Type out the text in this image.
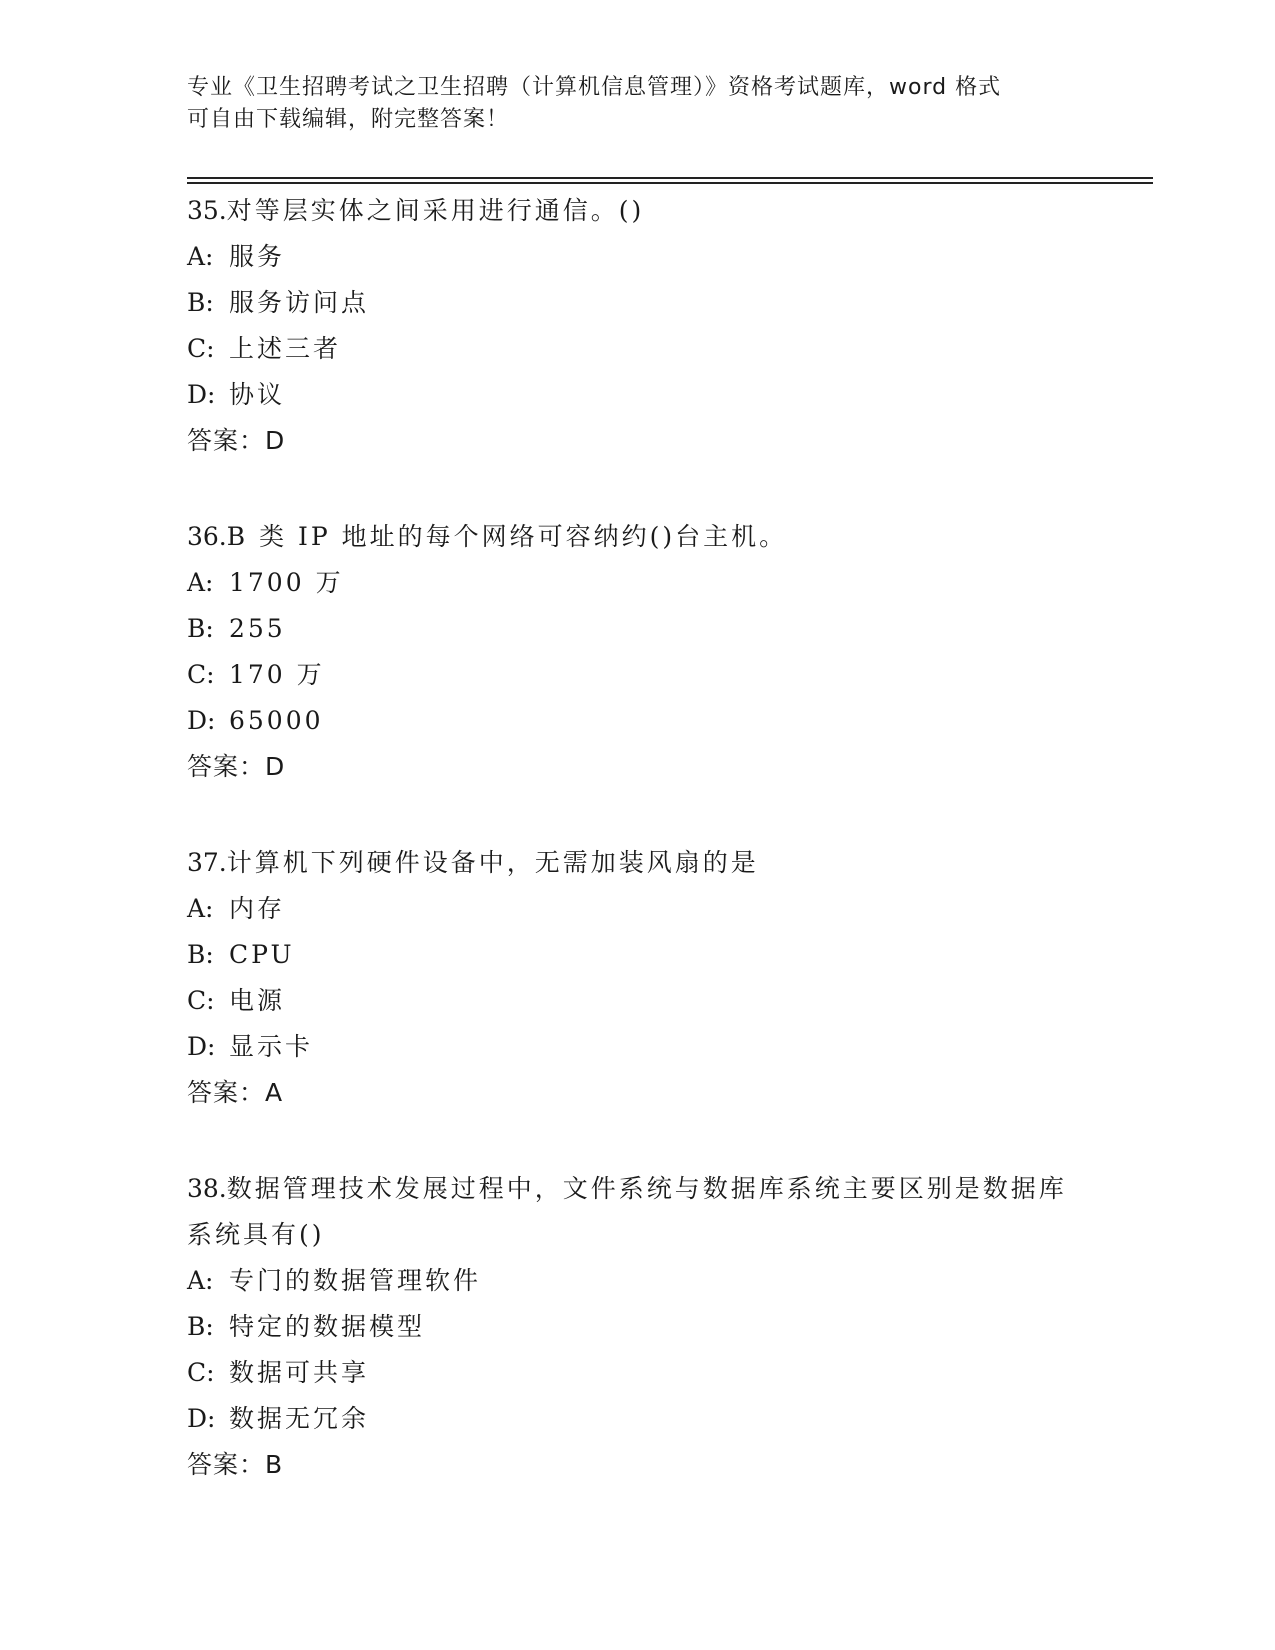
专业《卫生招聘考试之卫生招聘（计算机信息管理）》资格考试题库，word 格式
可自由下载编辑，附完整答案！

35.对等层实体之间采用进行通信。()

A: 服务

B: 服务访问点

C: 上述三者

D: 协议

答案：D

36.B 类 IP 地址的每个网络可容纳约()台主机。

A: 1700 万

B: 255

C: 170 万

D: 65000

答案：D

37.计算机下列硬件设备中，无需加装风扇的是

A: 内存

B: CPU

C: 电源

D: 显示卡

答案：A

38.数据管理技术发展过程中，文件系统与数据库系统主要区别是数据库系统具有()

A: 专门的数据管理软件

B: 特定的数据模型

C: 数据可共享

D: 数据无冗余

答案：B
